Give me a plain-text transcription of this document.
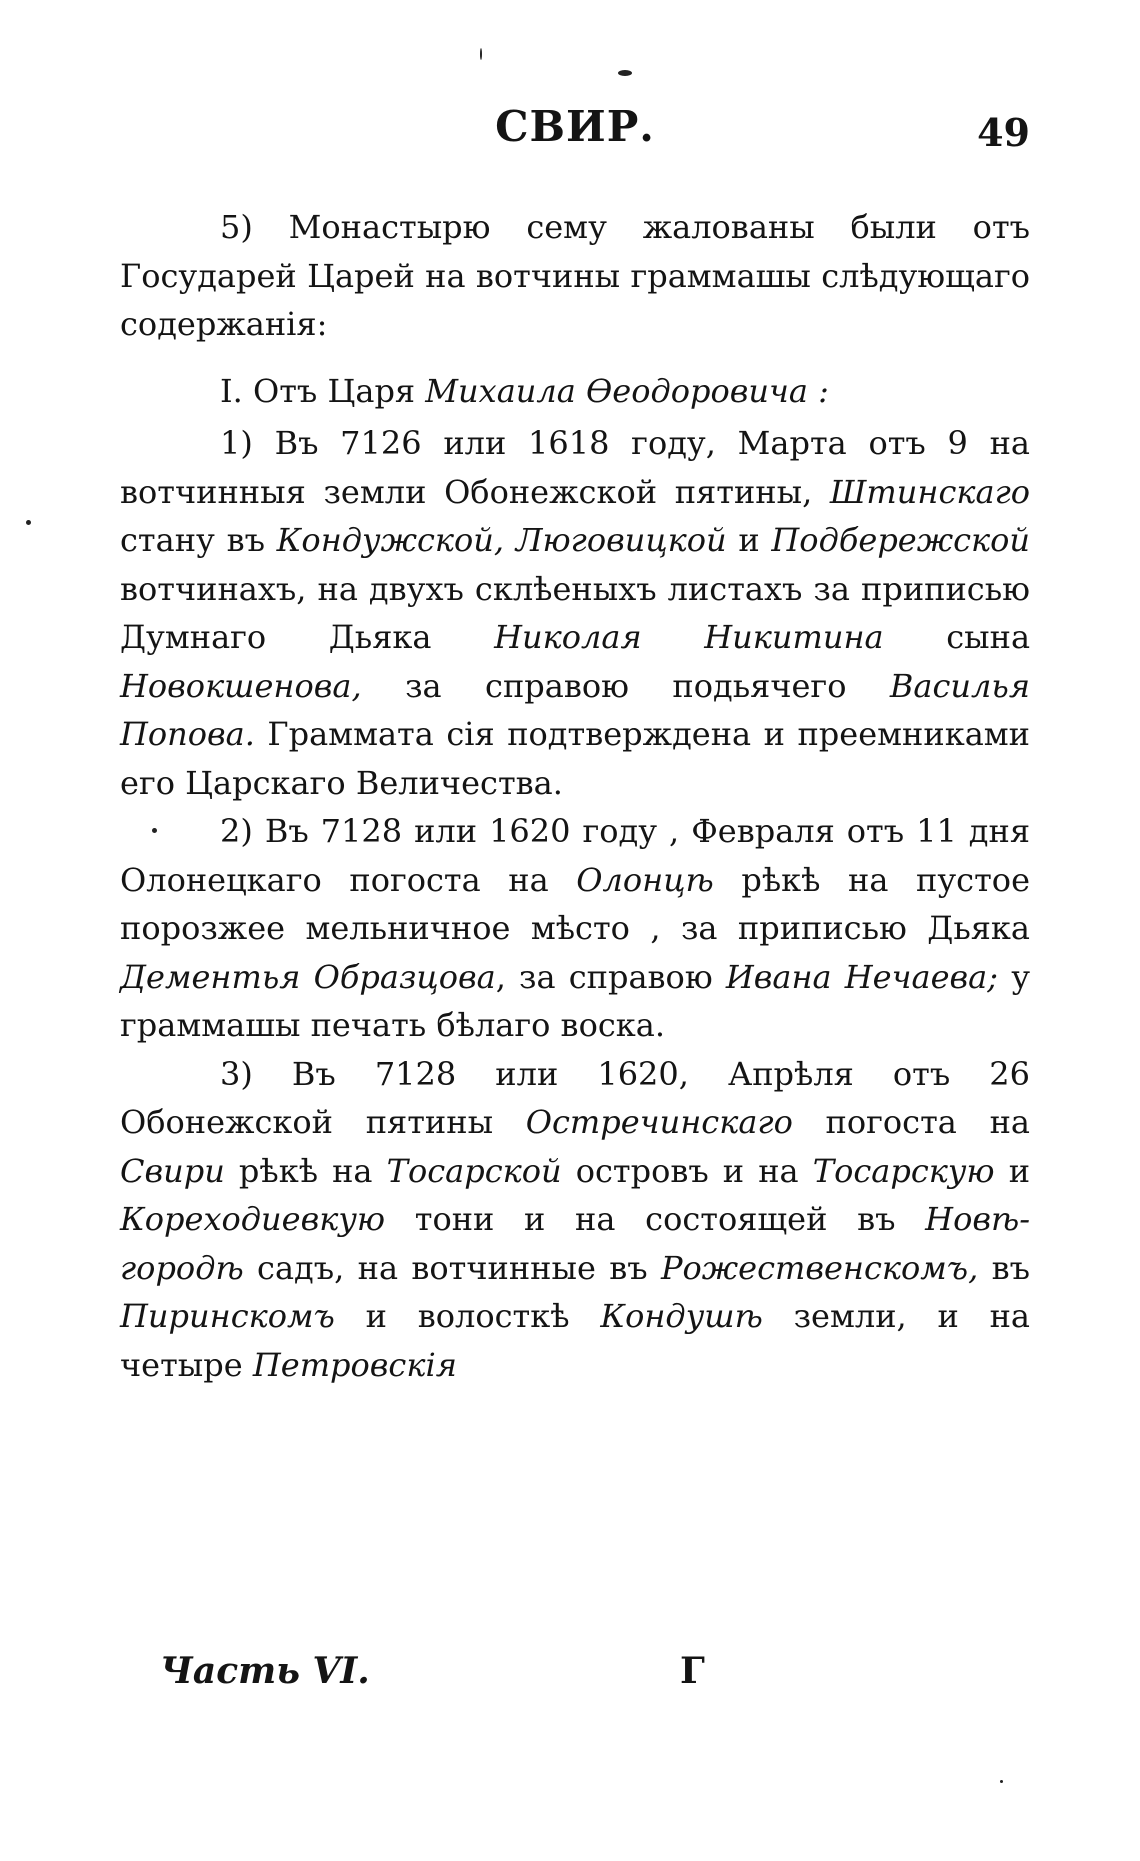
СВИР.	49

5) Монастырю сему жалованы были отъ Государей Царей на вотчины граммашы слѣдующаго содержанія:

I. Отъ Царя Михаила Ѳеодоровича :

1) Въ 7126 или 1618 году, Марта отъ 9 на вотчинныя земли Обонежской пятины, Штинскаго стану въ Кондужской, Люговицкой и Подбережской вотчинахъ, на двухъ склѣеныхъ листахъ за приписью Думнаго Дьяка Николая Никитина сына Новокшенова, за справою подьячего Василья Попова. Граммата сія подтверждена и преемниками его Царскаго Величества.

2) Въ 7128 или 1620 году , Февраля отъ 11 дня Олонецкаго погоста на Олонцѣ рѣкѣ на пустое порозжее мельничное мѣсто , за приписью Дьяка Дементья Образцова, за справою Ивана Нечаева; у граммашы печать бѣлаго воска.

3) Въ 7128 или 1620, Апрѣля отъ 26 Обонежской пятины Остречинскаго погоста на Свири рѣкѣ на Тосарской островъ и на Тосарскую и Кореходиевкую тони и на состоящей въ Новѣ-городѣ садъ, на вотчинные въ Рожественскомъ, въ Пиринскомъ и волосткѣ Кондушѣ земли, и на четыре Петровскія

Часть VI.	Г
